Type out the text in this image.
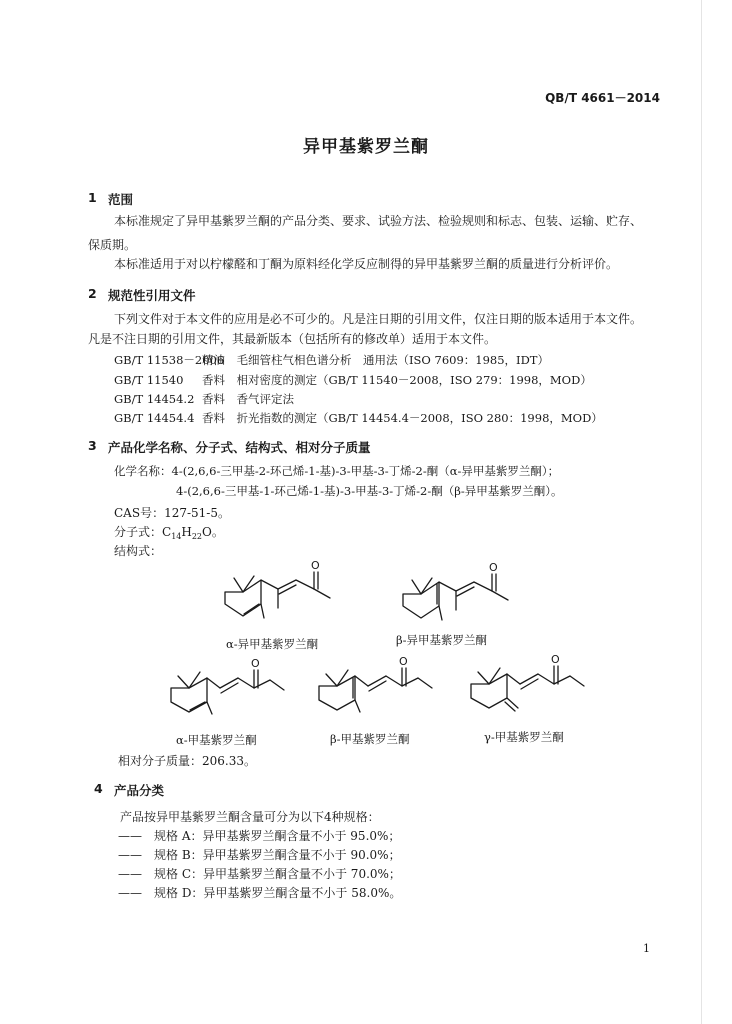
QB/T 4661－2014
异甲基紫罗兰酮
1 范围
本标准规定了异甲基紫罗兰酮的产品分类、要求、试验方法、检验规则和标志、包装、运输、贮存、
保质期。
本标准适用于对以柠檬醛和丁酮为原料经化学反应制得的异甲基紫罗兰酮的质量进行分析评价。
2 规范性引用文件
下列文件对于本文件的应用是必不可少的。凡是注日期的引用文件，仅注日期的版本适用于本文件。
凡是不注日期的引用文件，其最新版本（包括所有的修改单）适用于本文件。
GB/T 11538－2006精油　毛细管柱气相色谱分析　通用法（ISO 7609：1985，IDT）
GB/T 11540 香料　相对密度的测定（GB/T 11540－2008，ISO 279：1998，MOD）
GB/T 14454.2 香料　香气评定法
GB/T 14454.4 香料　折光指数的测定（GB/T 14454.4－2008，ISO 280：1998，MOD）
3 产品化学名称、分子式、结构式、相对分子质量
化学名称：4-(2,6,6-三甲基-2-环己烯-1-基)-3-甲基-3-丁烯-2-酮（α-异甲基紫罗兰酮）；
4-(2,6,6-三甲基-1-环己烯-1-基)-3-甲基-3-丁烯-2-酮（β-异甲基紫罗兰酮）。
CAS号：127-51-5。
分子式：$C_{14}H_{22}O$。
结构式：
O
α-异甲基紫罗兰酮
O
β-异甲基紫罗兰酮
O
α-甲基紫罗兰酮
O
β-甲基紫罗兰酮
O
γ-甲基紫罗兰酮
相对分子质量：206.33。
4 产品分类
产品按异甲基紫罗兰酮含量可分为以下4种规格：
——　规格 A：异甲基紫罗兰酮含量不小于 95.0%；
——　规格 B：异甲基紫罗兰酮含量不小于 90.0%；
——　规格 C：异甲基紫罗兰酮含量不小于 70.0%；
——　规格 D：异甲基紫罗兰酮含量不小于 58.0%。
1
